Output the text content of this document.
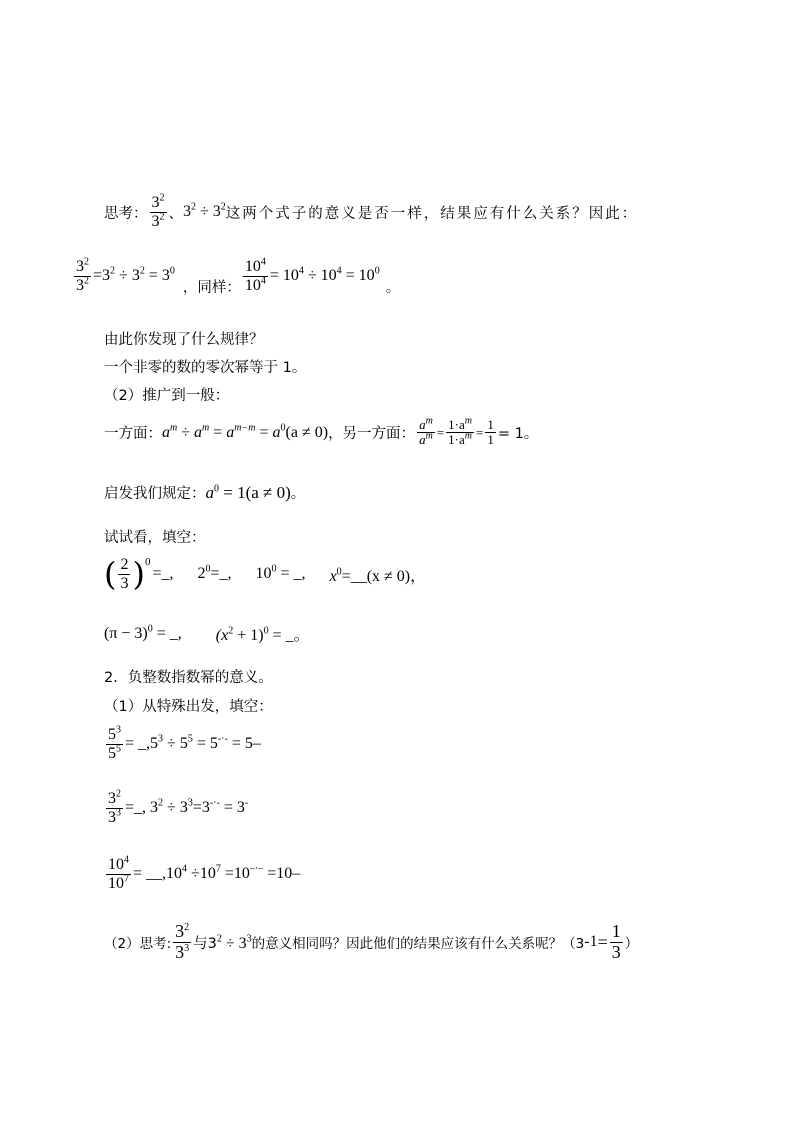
思考： $\frac{3^2}{3^2}$ 、 $3^2 \div 3^2$ 这两个式子的意义是否一样，结果应有什么关系？因此：
$\frac{3^2}{3^2} =3^2 \div 3^2 = 3^0$
，同样： $\frac{10^4}{10^4} = 10^4 \div 10^4 = 10^0$
。
由此你发现了什么规律？
一个非零的数的零次幂等于 1。
（2）推广到一般：
一方面： $a^m \div a^m = a^{m-m} = a^0(a \ne 0)$ ，另一方面： $\frac{a^m}{a^m} = \frac{1\cdot a^m}{1\cdot a^m} = \frac{1}{1} = 1$。
启发我们规定： $a^0 = 1(a \ne 0)$ 。
试试看，填空：
( $\frac{2}{3}$ ) 0
=_, $2^0=\_$, $10^0$ = _, $x^0=\_\_(x \ne 0)$，
$(\pi - 3)^0$ = _, $(x^2 + 1)^0$ = _。
2．负整数指数幂的意义。
（1）从特殊出发，填空：
$\frac{5^3}{5^5}$ = $\_,5^3 \div 5^5 = 5^{-\cdot-} = 5-$
$\frac{3^2}{3^3}$ =_, $3^2 \div 3^3=3^{-\cdot-} = 3^-$
$\frac{10^4}{10^7}$ = $\_\_,10^4 \div 10^7 =10^{-\cdot-} =10-$
（2）思考: $\frac{3^2}{3^3}$ 与$3^2 \div 3^3$ 的意义相同吗？因此他们的结果应该有什么关系呢？（3 $-1 = \frac{1}{3}$ ）
